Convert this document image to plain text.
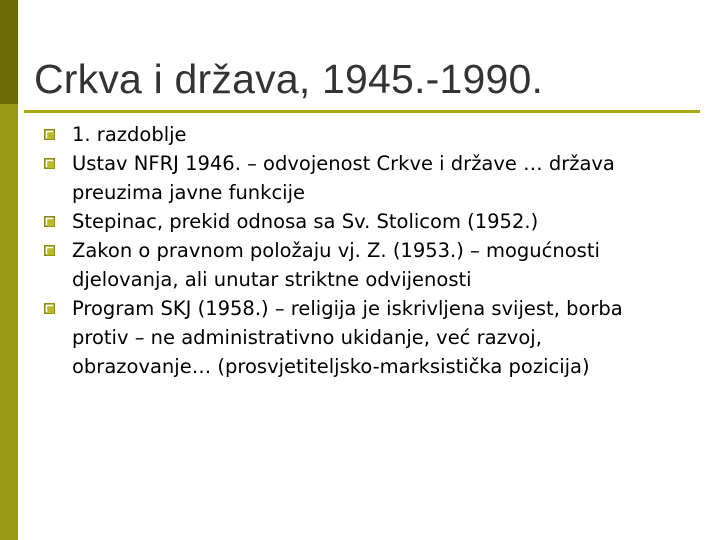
Crkva i država, 1945.-1990.
1. razdoblje
Ustav NFRJ 1946. – odvojenost Crkve i države … država preuzima javne funkcije
Stepinac, prekid odnosa sa Sv. Stolicom (1952.)
Zakon o pravnom položaju vj. Z. (1953.) – mogućnosti djelovanja, ali unutar striktne odvijenosti
Program SKJ (1958.) – religija je iskrivljena svijest, borba protiv – ne administrativno ukidanje, već razvoj, obrazovanje… (prosvjetiteljsko-marksistička pozicija)
